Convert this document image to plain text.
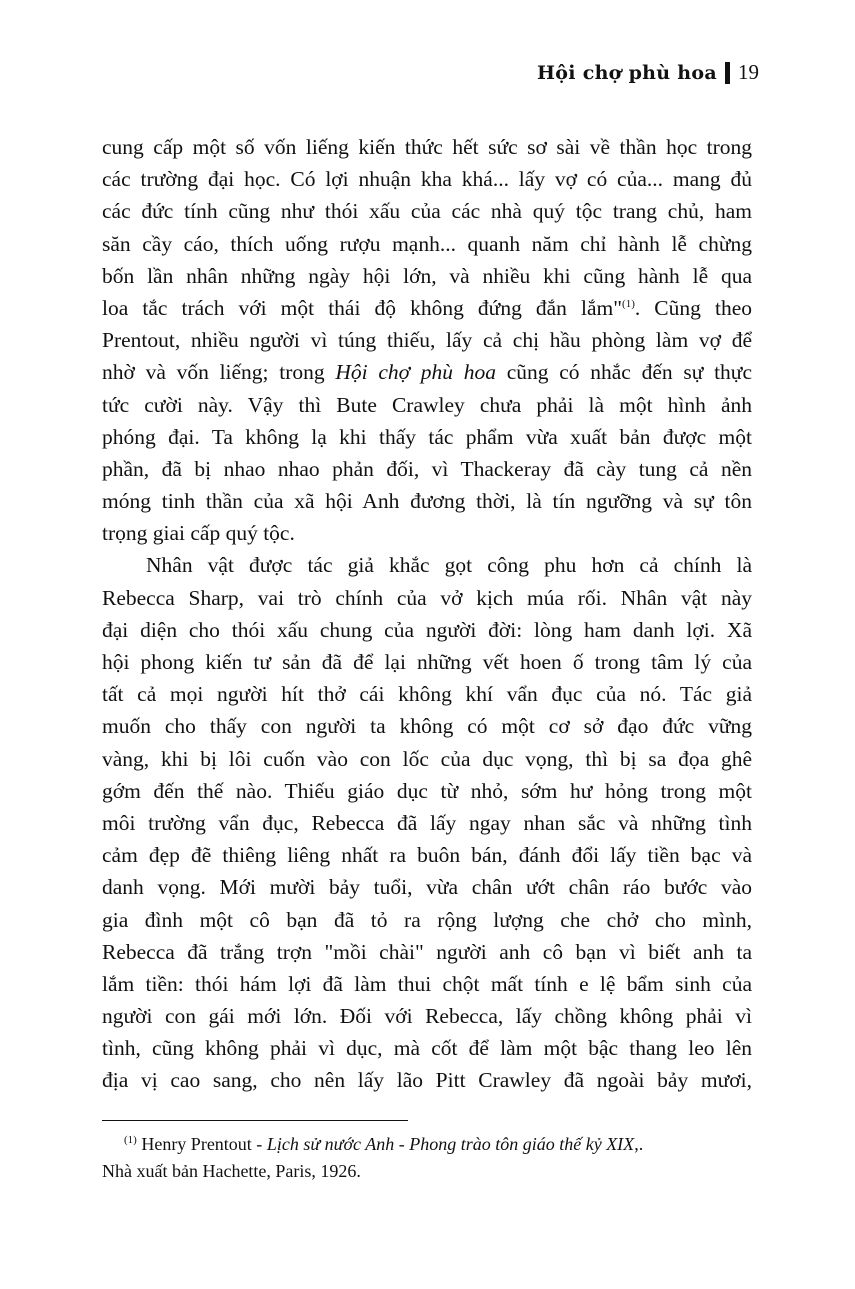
Hội chợ phù hoa 19
cung cấp một số vốn liếng kiến thức hết sức sơ sài về thần học trong
các trường đại học. Có lợi nhuận kha khá... lấy vợ có của... mang đủ
các đức tính cũng như thói xấu của các nhà quý tộc trang chủ, ham
săn cầy cáo, thích uống rượu mạnh... quanh năm chỉ hành lễ chừng
bốn lần nhân những ngày hội lớn, và nhiều khi cũng hành lễ qua
loa tắc trách với một thái độ không đứng đắn lắm"$^{(1)}$. Cũng theo
Prentout, nhiều người vì túng thiếu, lấy cả chị hầu phòng làm vợ để
nhờ và vốn liếng; trong Hội chợ phù hoa cũng có nhắc đến sự thực
tức cười này. Vậy thì Bute Crawley chưa phải là một hình ảnh
phóng đại. Ta không lạ khi thấy tác phẩm vừa xuất bản được một
phần, đã bị nhao nhao phản đối, vì Thackeray đã cày tung cả nền
móng tinh thần của xã hội Anh đương thời, là tín ngưỡng và sự tôn
trọng giai cấp quý tộc.
Nhân vật được tác giả khắc gọt công phu hơn cả chính là
Rebecca Sharp, vai trò chính của vở kịch múa rối. Nhân vật này
đại diện cho thói xấu chung của người đời: lòng ham danh lợi. Xã
hội phong kiến tư sản đã để lại những vết hoen ố trong tâm lý của
tất cả mọi người hít thở cái không khí vẩn đục của nó. Tác giả
muốn cho thấy con người ta không có một cơ sở đạo đức vững
vàng, khi bị lôi cuốn vào con lốc của dục vọng, thì bị sa đọa ghê
gớm đến thế nào. Thiếu giáo dục từ nhỏ, sớm hư hỏng trong một
môi trường vẩn đục, Rebecca đã lấy ngay nhan sắc và những tình
cảm đẹp đẽ thiêng liêng nhất ra buôn bán, đánh đổi lấy tiền bạc và
danh vọng. Mới mười bảy tuổi, vừa chân ướt chân ráo bước vào
gia đình một cô bạn đã tỏ ra rộng lượng che chở cho mình,
Rebecca đã trắng trợn "mồi chài" người anh cô bạn vì biết anh ta
lắm tiền: thói hám lợi đã làm thui chột mất tính e lệ bẩm sinh của
người con gái mới lớn. Đối với Rebecca, lấy chồng không phải vì
tình, cũng không phải vì dục, mà cốt để làm một bậc thang leo lên
địa vị cao sang, cho nên lấy lão Pitt Crawley đã ngoài bảy mươi,
$^{(1)}$ Henry Prentout - Lịch sử nước Anh - Phong trào tôn giáo thế kỷ XIX,.
Nhà xuất bản Hachette, Paris, 1926.
